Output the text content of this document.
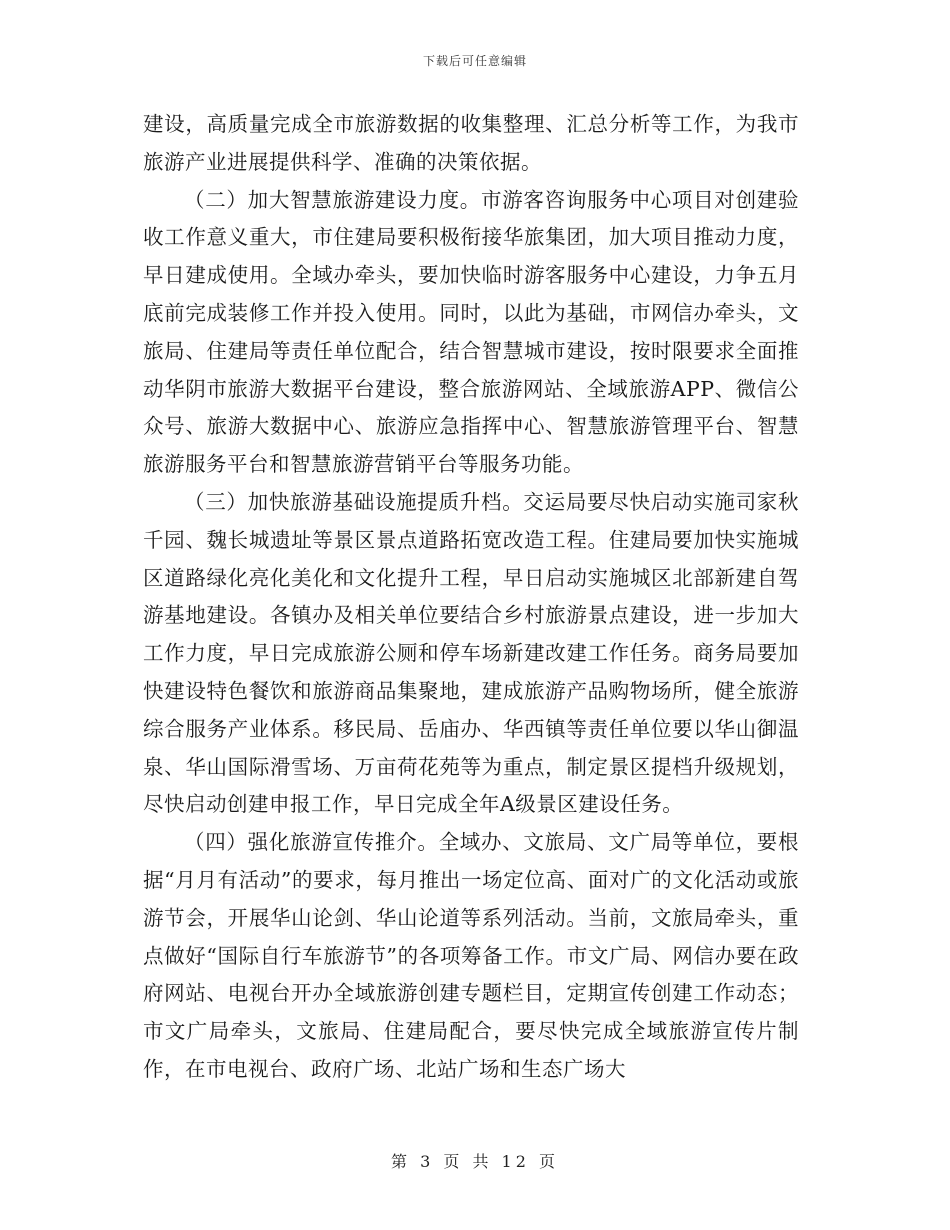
下载后可任意编辑

建设，高质量完成全市旅游数据的收集整理、汇总分析等工作，为我市旅游产业进展提供科学、准确的决策依据。

（二）加大智慧旅游建设力度。市游客咨询服务中心项目对创建验收工作意义重大，市住建局要积极衔接华旅集团，加大项目推动力度，早日建成使用。全域办牵头，要加快临时游客服务中心建设，力争五月底前完成装修工作并投入使用。同时，以此为基础，市网信办牵头，文旅局、住建局等责任单位配合，结合智慧城市建设，按时限要求全面推动华阴市旅游大数据平台建设，整合旅游网站、全域旅游APP、微信公众号、旅游大数据中心、旅游应急指挥中心、智慧旅游管理平台、智慧旅游服务平台和智慧旅游营销平台等服务功能。

（三）加快旅游基础设施提质升档。交运局要尽快启动实施司家秋千园、魏长城遗址等景区景点道路拓宽改造工程。住建局要加快实施城区道路绿化亮化美化和文化提升工程，早日启动实施城区北部新建自驾游基地建设。各镇办及相关单位要结合乡村旅游景点建设，进一步加大工作力度，早日完成旅游公厕和停车场新建改建工作任务。商务局要加快建设特色餐饮和旅游商品集聚地，建成旅游产品购物场所，健全旅游综合服务产业体系。移民局、岳庙办、华西镇等责任单位要以华山御温泉、华山国际滑雪场、万亩荷花苑等为重点，制定景区提档升级规划，尽快启动创建申报工作，早日完成全年A级景区建设任务。

（四）强化旅游宣传推介。全域办、文旅局、文广局等单位，要根据“月月有活动”的要求，每月推出一场定位高、面对广的文化活动或旅游节会，开展华山论剑、华山论道等系列活动。当前，文旅局牵头，重点做好“国际自行车旅游节”的各项筹备工作。市文广局、网信办要在政府网站、电视台开办全域旅游创建专题栏目，定期宣传创建工作动态；市文广局牵头，文旅局、住建局配合，要尽快完成全域旅游宣传片制作，在市电视台、政府广场、北站广场和生态广场大

第 3 页 共 12 页
